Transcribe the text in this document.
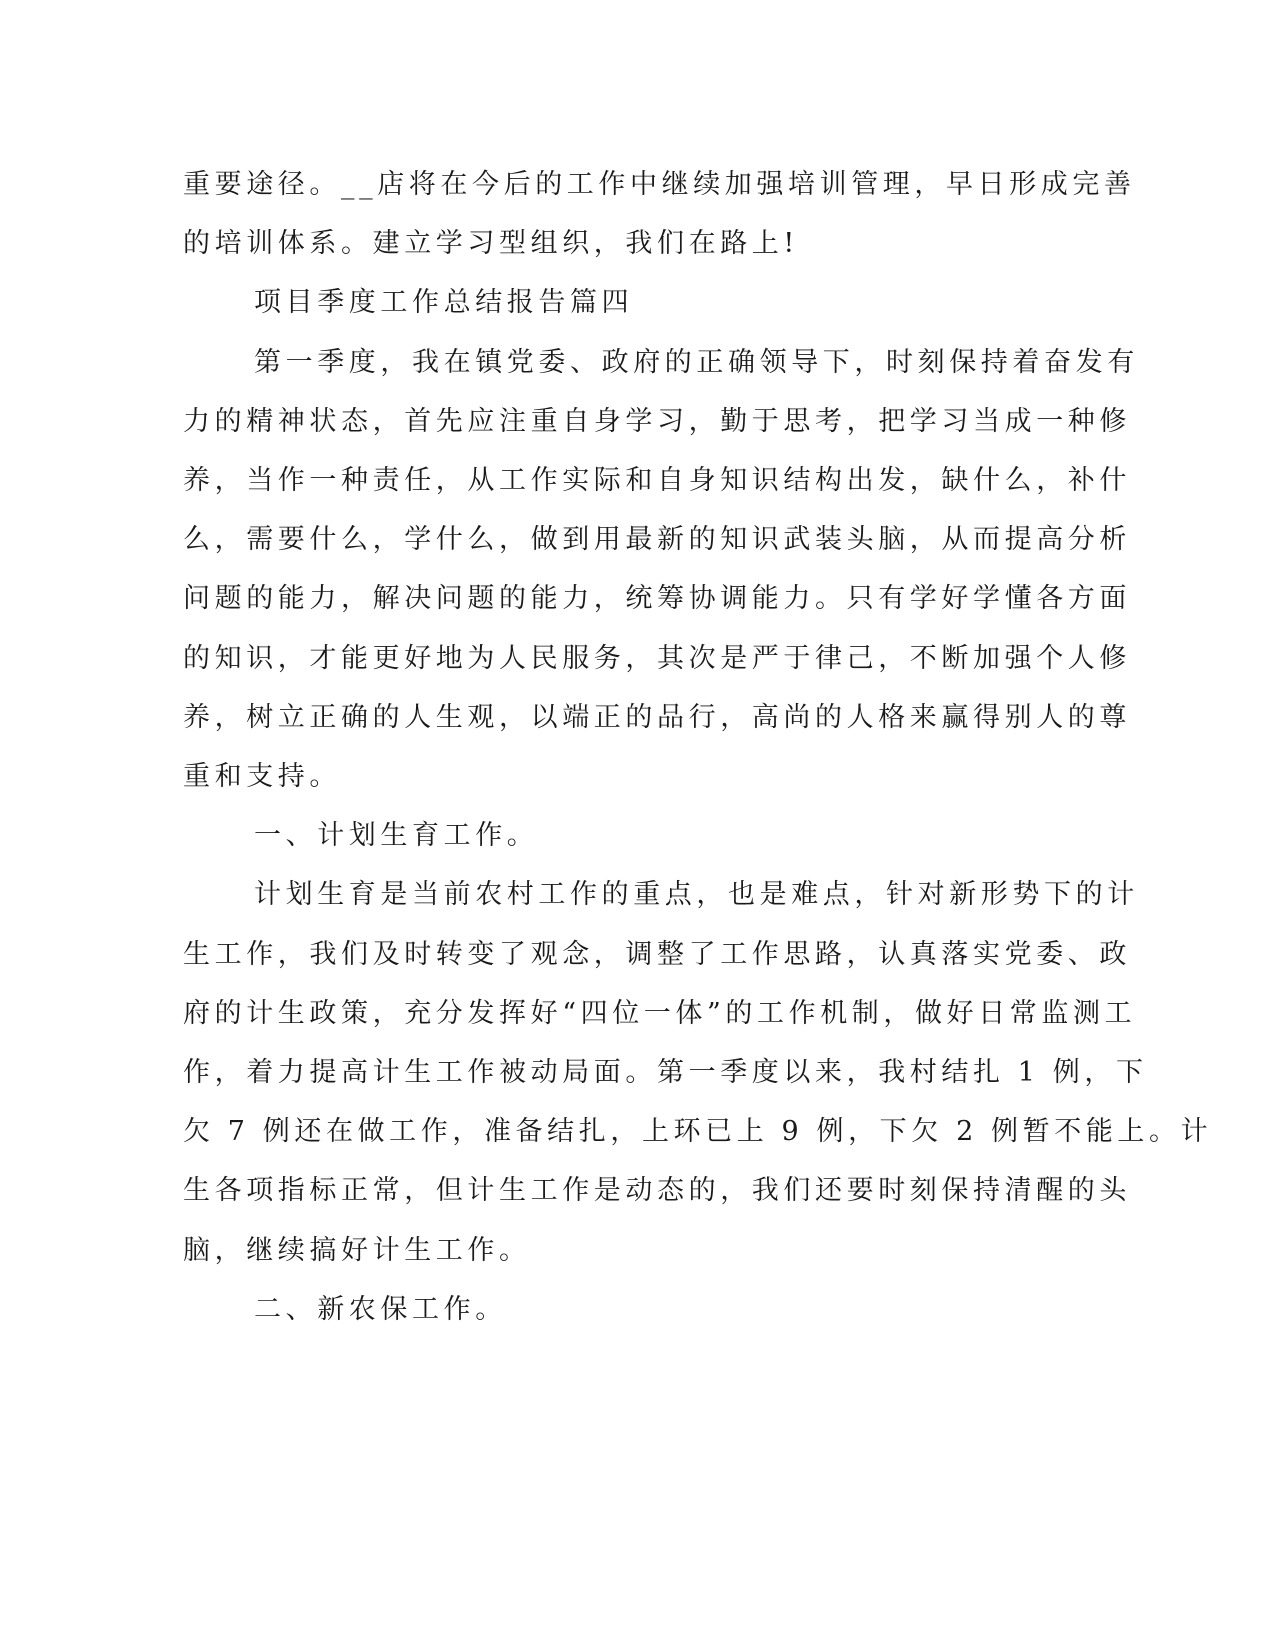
重要途径。__店将在今后的工作中继续加强培训管理，早日形成完善

的培训体系。建立学习型组织，我们在路上!

项目季度工作总结报告篇四

第一季度，我在镇党委、政府的正确领导下，时刻保持着奋发有

力的精神状态，首先应注重自身学习，勤于思考，把学习当成一种修

养，当作一种责任，从工作实际和自身知识结构出发，缺什么，补什

么，需要什么，学什么，做到用最新的知识武装头脑，从而提高分析

问题的能力，解决问题的能力，统筹协调能力。只有学好学懂各方面

的知识，才能更好地为人民服务，其次是严于律己，不断加强个人修

养，树立正确的人生观，以端正的品行，高尚的人格来赢得别人的尊

重和支持。

一、计划生育工作。

计划生育是当前农村工作的重点，也是难点，针对新形势下的计

生工作，我们及时转变了观念，调整了工作思路，认真落实党委、政

府的计生政策，充分发挥好“四位一体”的工作机制，做好日常监测工

作，着力提高计生工作被动局面。第一季度以来，我村结扎 1 例，下

欠 7 例还在做工作，准备结扎，上环已上 9 例，下欠 2 例暂不能上。计

生各项指标正常，但计生工作是动态的，我们还要时刻保持清醒的头

脑，继续搞好计生工作。

二、新农保工作。
